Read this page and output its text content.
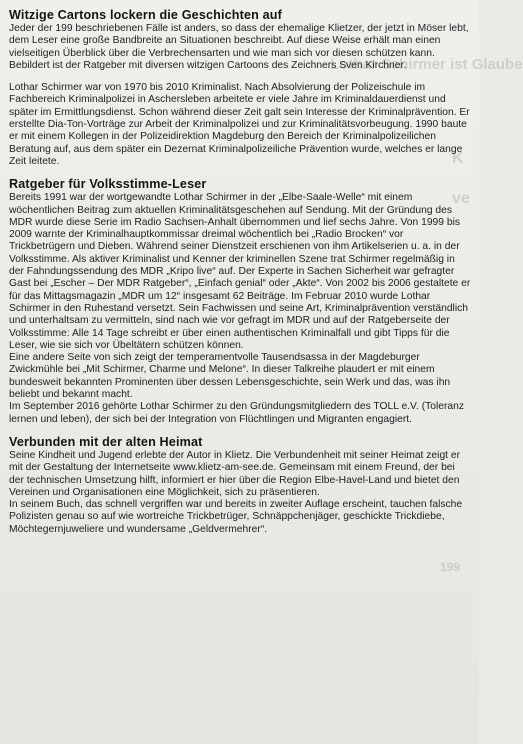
Lothar Schirmer ist Glaube
K
ve
199
Witzige Cartons lockern die Geschichten auf

Jeder der 199 beschriebenen Fälle ist anders, so dass der ehemalige Klietzer, der jetzt in Möser lebt, dem Leser eine große Bandbreite an Situationen beschreibt. Auf diese Weise erhält man einen vielseitigen Überblick über die Verbrechensarten und wie man sich vor diesen schützen kann.

Bebildert ist der Ratgeber mit diversen witzigen Cartoons des Zeichners Sven Kirchner.

Lothar Schirmer war von 1970 bis 2010 Kriminalist. Nach Absolvierung der Polizeischule im Fachbereich Kriminalpolizei in Aschersleben arbeitete er viele Jahre im Kriminaldauerdienst und später im Ermittlungsdienst. Schon während dieser Zeit galt sein Interesse der Kriminalprävention. Er erstellte Dia-Ton-Vorträge zur Arbeit der Kriminalpolizei und zur Kriminalitätsvorbeugung. 1990 baute er mit einem Kollegen in der Polizeidirektion Magdeburg den Bereich der Kriminalpolizeilichen Beratung auf, aus dem später ein Dezernat Kriminalpolizeiliche Prävention wurde, welches er lange Zeit leitete.

Ratgeber für Volksstimme-Leser

Bereits 1991 war der wortgewandte Lothar Schirmer in der „Elbe-Saale-Welle“ mit einem wöchentlichen Beitrag zum aktuellen Kriminalitätsgeschehen auf Sendung. Mit der Gründung des MDR wurde diese Serie im Radio Sachsen-Anhalt übernommen und lief sechs Jahre. Von 1999 bis 2009 warnte der Kriminalhauptkommissar dreimal wöchentlich bei „Radio Brocken“ vor Trickbetrügern und Dieben. Während seiner Dienstzeit erschienen von ihm Artikelserien u. a. in der Volksstimme. Als aktiver Kriminalist und Kenner der kriminellen Szene trat Schirmer regelmäßig in der Fahndungssendung des MDR „Kripo live“ auf. Der Experte in Sachen Sicherheit war gefragter Gast bei „Escher – Der MDR Ratgeber“, „Einfach genial“ oder „Akte“. Von 2002 bis 2006 gestaltete er für das Mittagsmagazin „MDR um 12“ insgesamt 62 Beiträge. Im Februar 2010 wurde Lothar Schirmer in den Ruhestand versetzt. Sein Fachwissen und seine Art, Kriminalprävention verständlich und unterhaltsam zu vermitteln, sind nach wie vor gefragt im MDR und auf der Ratgeberseite der Volksstimme: Alle 14 Tage schreibt er über einen authentischen Kriminalfall und gibt Tipps für die Leser, wie sie sich vor Übeltätern schützen können.

Eine andere Seite von sich zeigt der temperamentvolle Tausendsassa in der Magdeburger Zwickmühle bei „Mit Schirmer, Charme und Melone“. In dieser Talkreihe plaudert er mit einem bundesweit bekannten Prominenten über dessen Lebensgeschichte, sein Werk und das, was ihn beliebt und bekannt macht.

Im September 2016 gehörte Lothar Schirmer zu den Gründungsmitgliedern des TOLL e.V. (Toleranz lernen und leben), der sich bei der Integration von Flüchtlingen und Migranten engagiert.

Verbunden mit der alten Heimat

Seine Kindheit und Jugend erlebte der Autor in Klietz. Die Verbundenheit mit seiner Heimat zeigt er mit der Gestaltung der Internetseite www.klietz-am-see.de. Gemeinsam mit einem Freund, der bei der technischen Umsetzung hilft, informiert er hier über die Region Elbe-Havel-Land und bietet den Vereinen und Organisationen eine Möglichkeit, sich zu präsentieren.

In seinem Buch, das schnell vergriffen war und bereits in zweiter Auflage erscheint, tauchen falsche Polizisten genau so auf wie wortreiche Trickbetrüger, Schnäppchenjäger, geschickte Trickdiebe, Möchtegernjuweliere und wundersame „Geldvermehrer“.
